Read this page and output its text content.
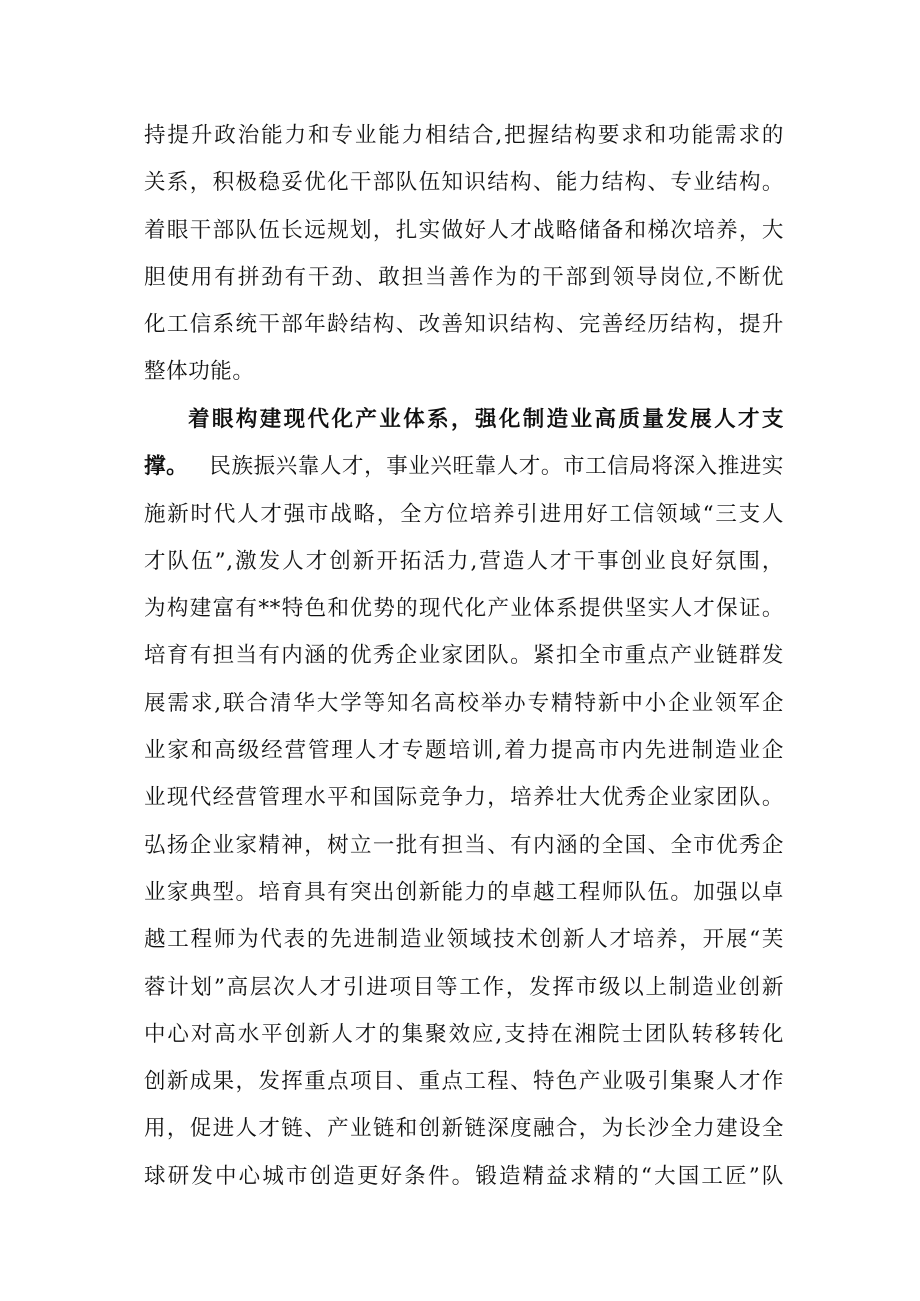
持提升政治能力和专业能力相结合,把握结构要求和功能需求的
关系，积极稳妥优化干部队伍知识结构、能力结构、专业结构。
着眼干部队伍长远规划，扎实做好人才战略储备和梯次培养，大
胆使用有拼劲有干劲、敢担当善作为的干部到领导岗位,不断优
化工信系统干部年龄结构、改善知识结构、完善经历结构，提升
整体功能。
着眼构建现代化产业体系，强化制造业高质量发展人才支
撑。 民族振兴靠人才，事业兴旺靠人才。市工信局将深入推进实
施新时代人才强市战略，全方位培养引进用好工信领域“三支人
才队伍”,激发人才创新开拓活力,营造人才干事创业良好氛围，
为构建富有**特色和优势的现代化产业体系提供坚实人才保证。
培育有担当有内涵的优秀企业家团队。紧扣全市重点产业链群发
展需求,联合清华大学等知名高校举办专精特新中小企业领军企
业家和高级经营管理人才专题培训,着力提高市内先进制造业企
业现代经营管理水平和国际竞争力，培养壮大优秀企业家团队。
弘扬企业家精神，树立一批有担当、有内涵的全国、全市优秀企
业家典型。培育具有突出创新能力的卓越工程师队伍。加强以卓
越工程师为代表的先进制造业领域技术创新人才培养，开展“芙
蓉计划”高层次人才引进项目等工作，发挥市级以上制造业创新
中心对高水平创新人才的集聚效应,支持在湘院士团队转移转化
创新成果，发挥重点项目、重点工程、特色产业吸引集聚人才作
用，促进人才链、产业链和创新链深度融合，为长沙全力建设全
球研发中心城市创造更好条件。锻造精益求精的“大国工匠”队
